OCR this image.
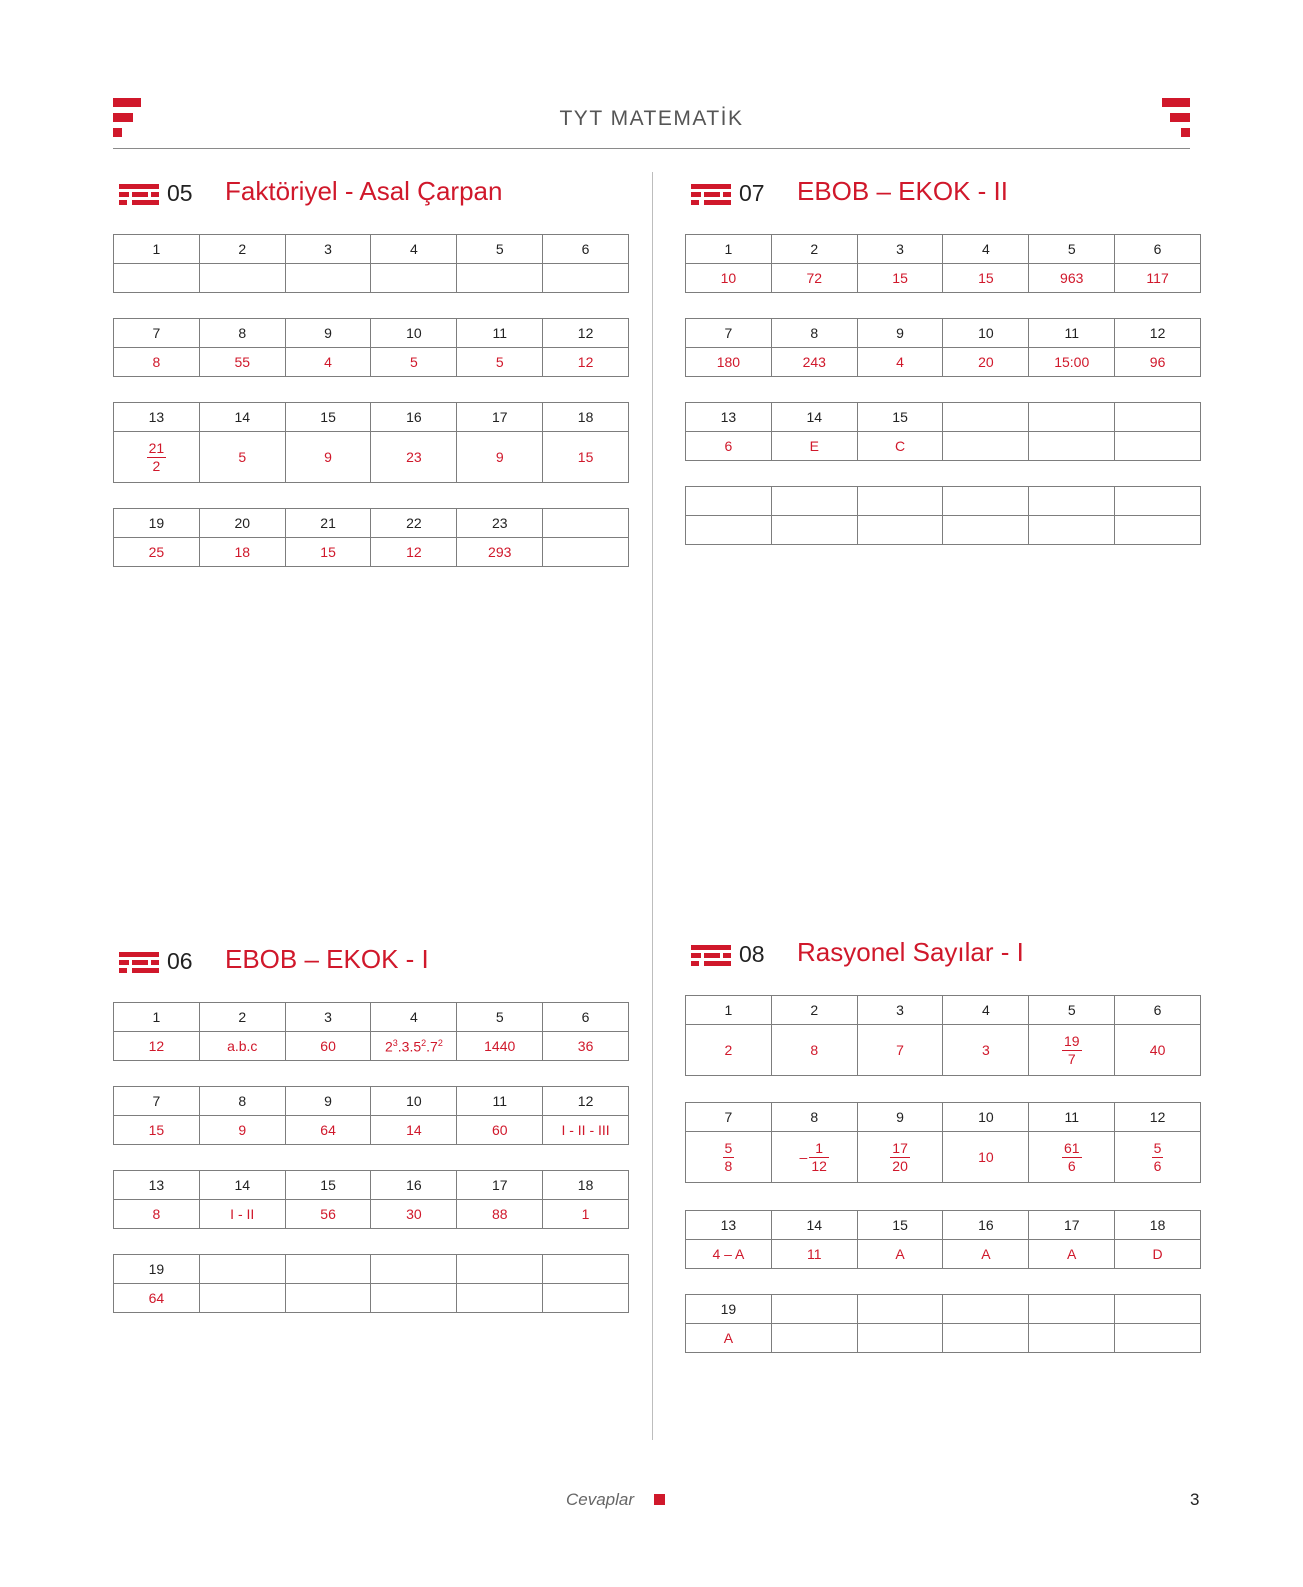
TYT MATEMATİK
05 Faktöriyel - Asal Çarpan
1	2	3	4	5	6

7	8	9	10	11	12
8	55	4	5	5	12
13	14	15	16	17	18

$\frac{21}{2}$	5	9	23	9	15
19	20	21	22	23	
25	18	15	12	293	
06 EBOB – EKOK - I
1	2	3	4	5	6
12	a.b.c	60	$2^3.3.5^2.7^2$	1440	36
7	8	9	10	11	12
15	9	64	14	60	I - II - III
13	14	15	16	17	18
8	I - II	56	30	88	1
19					
64					
07 EBOB – EKOK - II
1	2	3	4	5	6
10	72	15	15	963	117
7	8	9	10	11	12
180	243	4	20	15:00	96
13	14	15			
6	E	C			

08 Rasyonel Sayılar - I
1	2	3	4	5	6
2	8	7	3	$\frac{19}{7}$	40
7	8	9	10	11	12

$\frac{5}{8}$	– $\frac{1}{12}$	$\frac{17}{20}$	10	$\frac{61}{6}$	$\frac{5}{6}$
13	14	15	16	17	18
4 – A	11	A	A	A	D
19					
A					
Cevaplar	3
